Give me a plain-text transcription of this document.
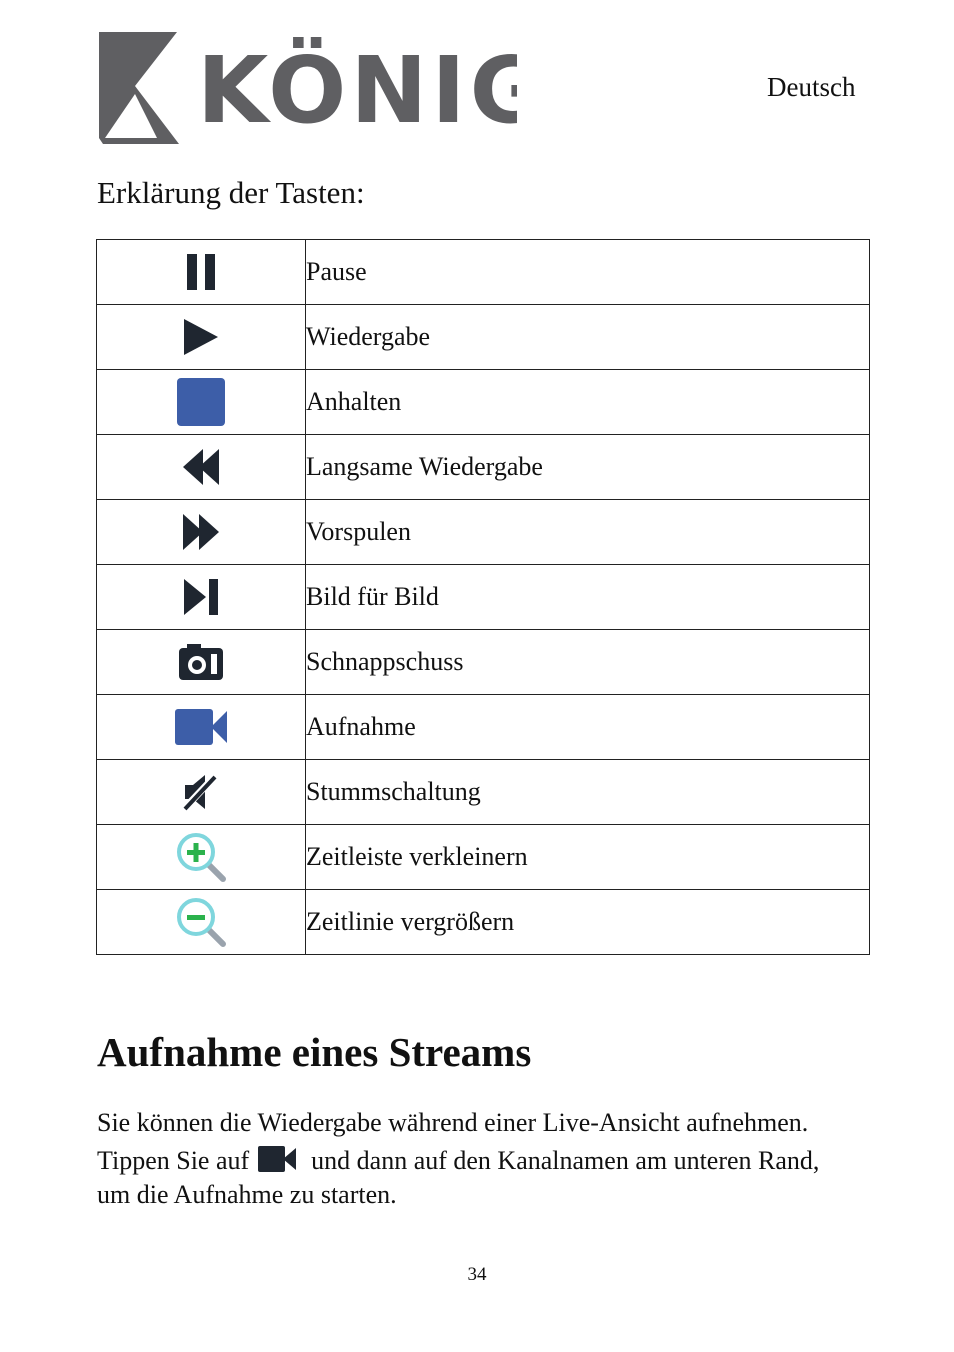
KÖNIG	Deutsch
Erklärung der Tasten:
	Pause

	Wiedergabe

	Anhalten

	Langsame Wiedergabe

	Vorspulen

	Bild für Bild

	Schnappschuss

	Aufnahme

	Stummschaltung

	Zeitleiste verkleinern

	Zeitlinie vergrößern
Aufnahme eines Streams
Sie können die Wiedergabe während einer Live-Ansicht aufnehmen.
Tippen Sie auf und dann auf den Kanalnamen am unteren Rand,
um die Aufnahme zu starten.
34
